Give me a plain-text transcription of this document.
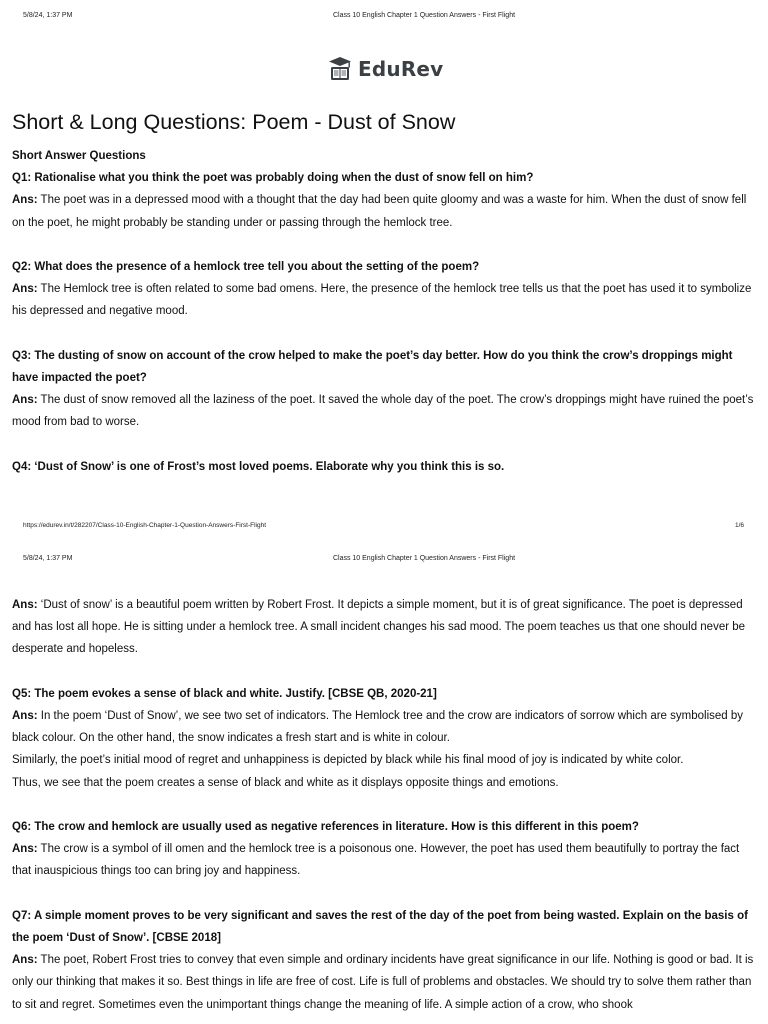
5/8/24, 1:37 PM	Class 10 English Chapter 1 Question Answers - First Flight
EduRev
Short & Long Questions: Poem - Dust of Snow

Short Answer Questions

Q1: Rationalise what you think the poet was probably doing when the dust of snow fell on him?

Ans: The poet was in a depressed mood with a thought that the day had been quite gloomy and was a waste for him. When the dust of snow fell on the poet, he might probably be standing under or passing through the hemlock tree.

Q2: What does the presence of a hemlock tree tell you about the setting of the poem?

Ans: The Hemlock tree is often related to some bad omens. Here, the presence of the hemlock tree tells us that the poet has used it to symbolize his depressed and negative mood.

Q3: The dusting of snow on account of the crow helped to make the poet’s day better. How do you think the crow’s droppings might have impacted the poet?

Ans: The dust of snow removed all the laziness of the poet. It saved the whole day of the poet. The crow’s droppings might have ruined the poet’s mood from bad to worse.

Q4: ‘Dust of Snow’ is one of Frost’s most loved poems. Elaborate why you think this is so.

https://edurev.in/t/282207/Class-10-English-Chapter-1-Question-Answers-First-Flight	1/6
5/8/24, 1:37 PM	Class 10 English Chapter 1 Question Answers - First Flight

Ans: ‘Dust of snow’ is a beautiful poem written by Robert Frost. It depicts a simple moment, but it is of great significance. The poet is depressed and has lost all hope. He is sitting under a hemlock tree. A small incident changes his sad mood. The poem teaches us that one should never be desperate and hopeless.

Q5: The poem evokes a sense of black and white. Justify. [CBSE QB, 2020-21]

Ans: In the poem ‘Dust of Snow’, we see two set of indicators. The Hemlock tree and the crow are indicators of sorrow which are symbolised by black colour. On the other hand, the snow indicates a fresh start and is white in colour.

Similarly, the poet’s initial mood of regret and unhappiness is depicted by black while his final mood of joy is indicated by white color.

Thus, we see that the poem creates a sense of black and white as it displays opposite things and emotions.

Q6: The crow and hemlock are usually used as negative references in literature. How is this different in this poem?

Ans: The crow is a symbol of ill omen and the hemlock tree is a poisonous one. However, the poet has used them beautifully to portray the fact that inauspicious things too can bring joy and happiness.

Q7: A simple moment proves to be very significant and saves the rest of the day of the poet from being wasted. Explain on the basis of the poem ‘Dust of Snow’. [CBSE 2018]

Ans: The poet, Robert Frost tries to convey that even simple and ordinary incidents have great significance in our life. Nothing is good or bad. It is only our thinking that makes it so. Best things in life are free of cost. Life is full of problems and obstacles. We should try to solve them rather than to sit and regret. Sometimes even the unimportant things change the meaning of life. A simple action of a crow, who shook
